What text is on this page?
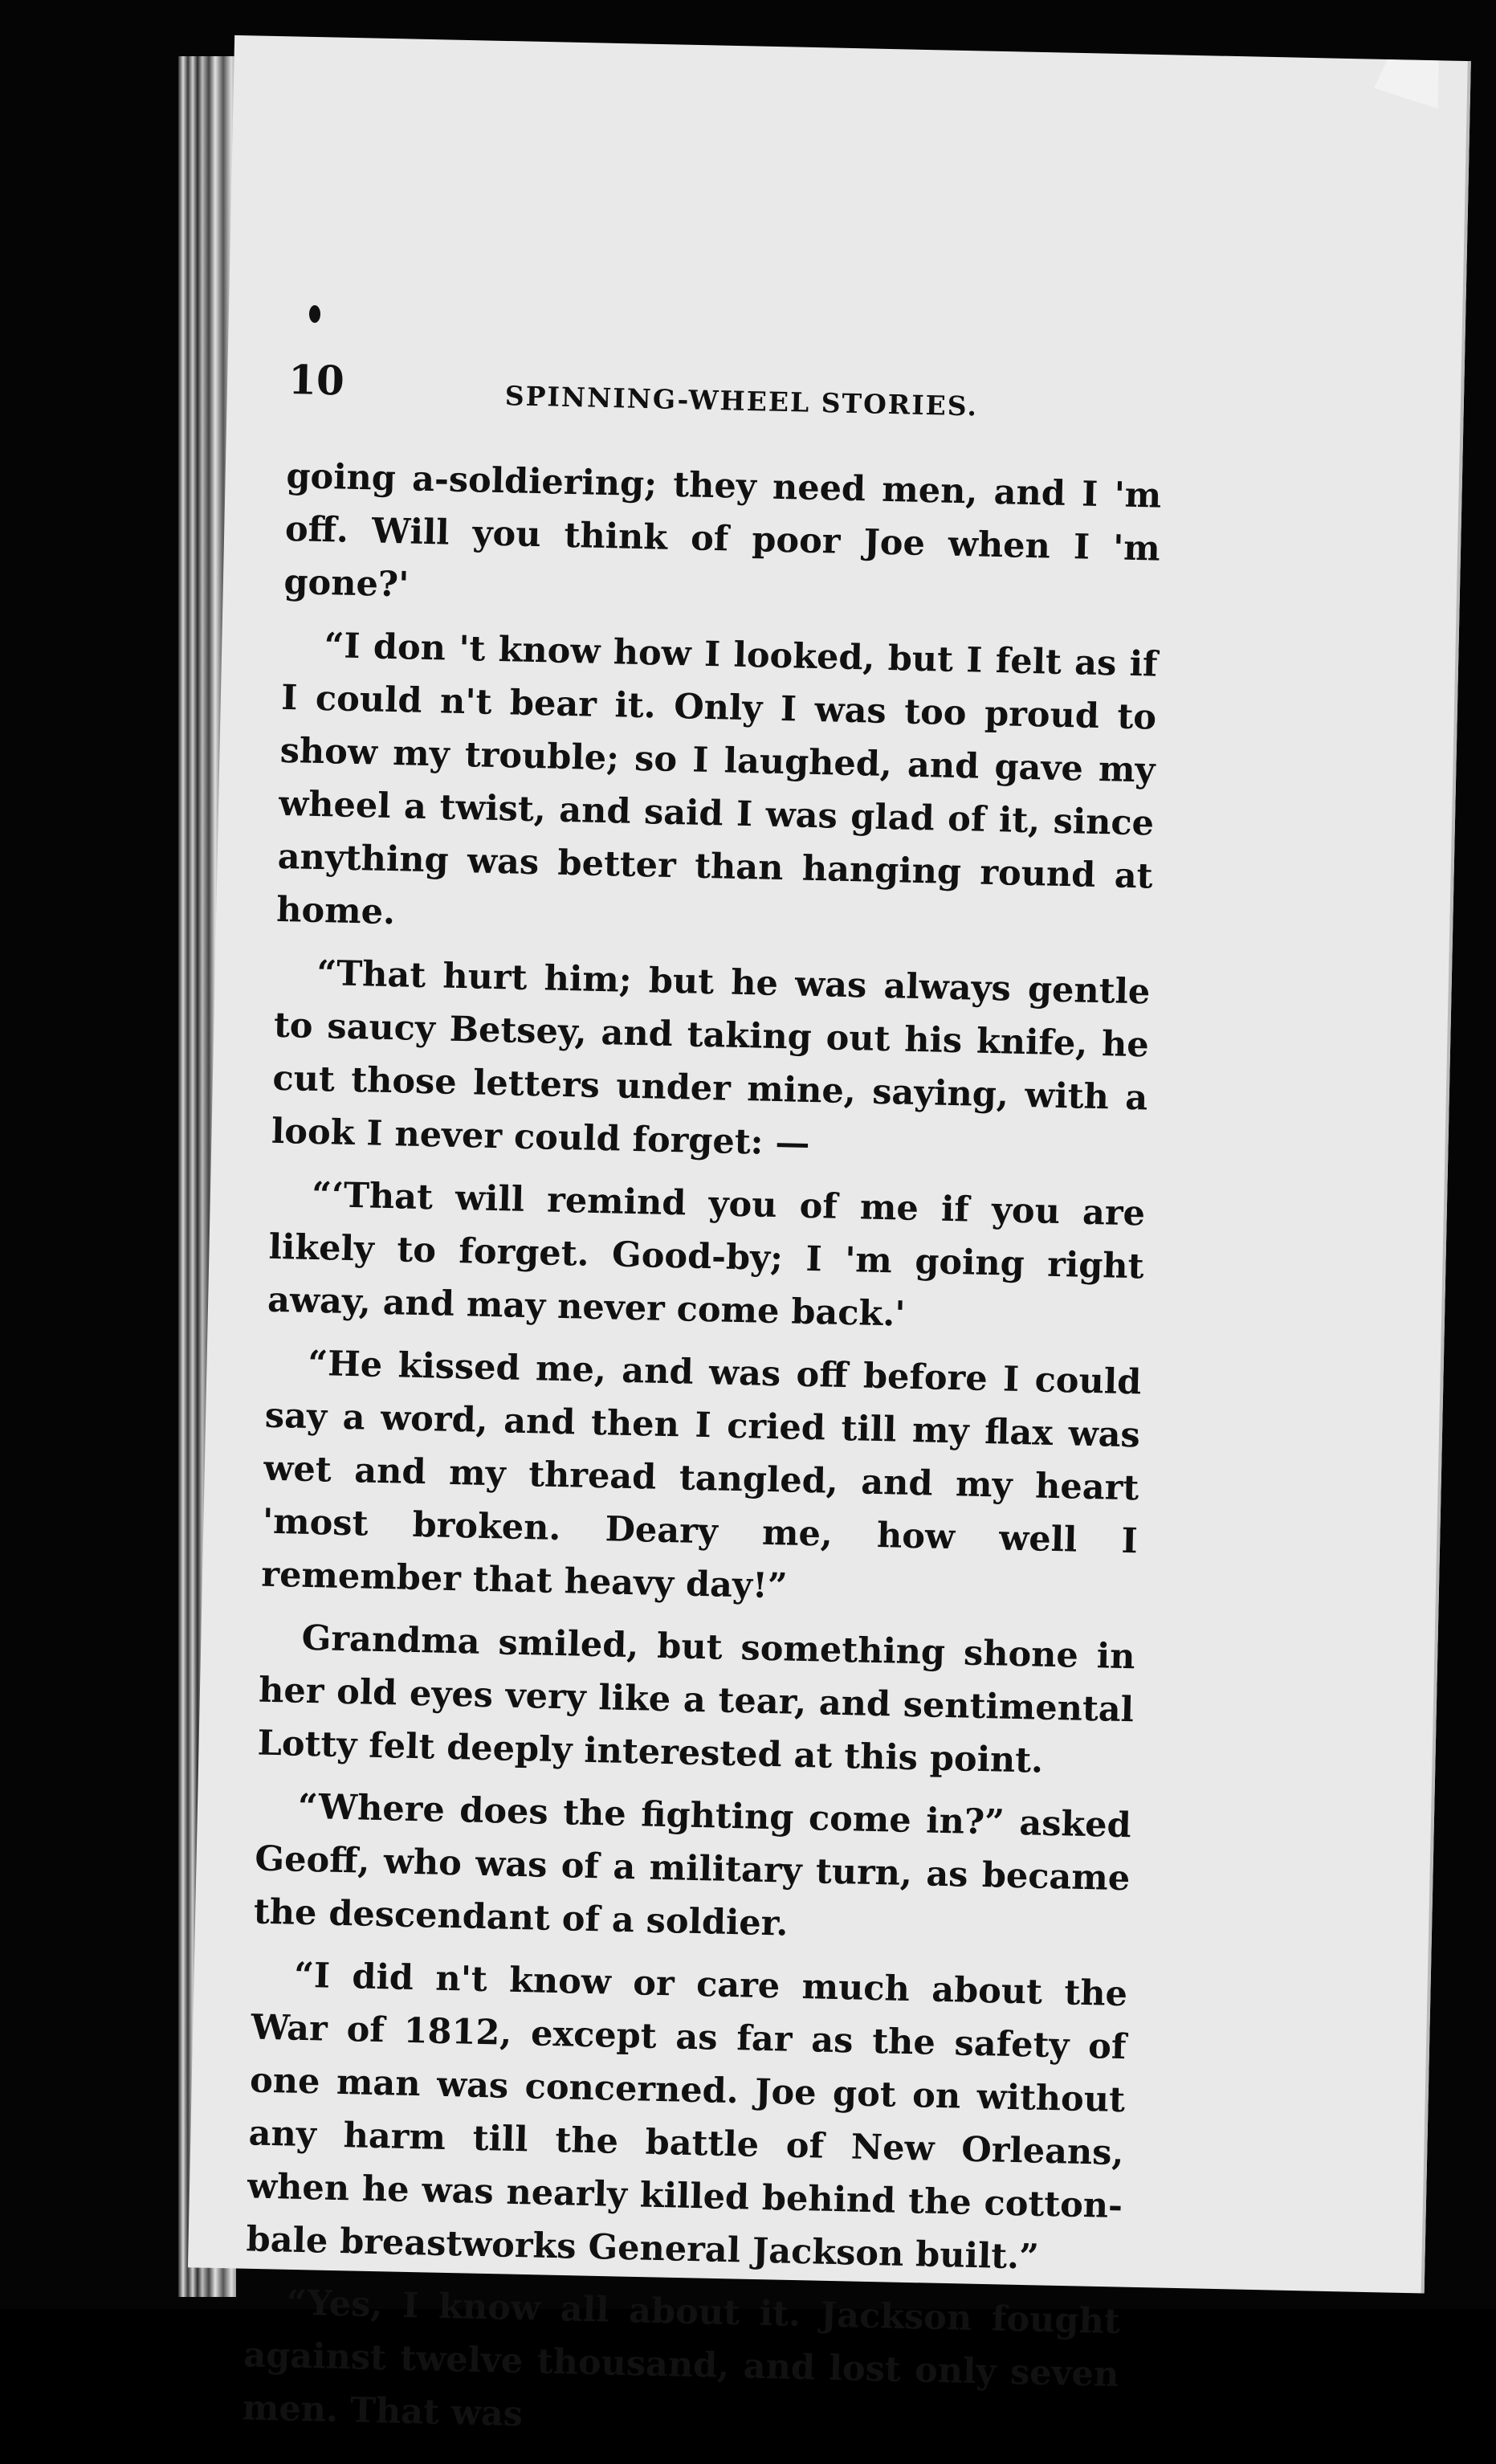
10	SPINNING-WHEEL STORIES.

going a-soldiering; they need men, and I 'm off. Will you think of poor Joe when I 'm gone?'

“I don 't know how I looked, but I felt as if I could n't bear it. Only I was too proud to show my trouble; so I laughed, and gave my wheel a twist, and said I was glad of it, since anything was better than hanging round at home.

“That hurt him; but he was always gentle to saucy Betsey, and taking out his knife, he cut those letters under mine, saying, with a look I never could forget: —

“‘That will remind you of me if you are likely to forget. Good-by; I 'm going right away, and may never come back.'

“He kissed me, and was off before I could say a word, and then I cried till my flax was wet and my thread tangled, and my heart 'most broken. Deary me, how well I remember that heavy day!”

Grandma smiled, but something shone in her old eyes very like a tear, and sentimental Lotty felt deeply interested at this point.

“Where does the fighting come in?” asked Geoff, who was of a military turn, as became the descendant of a soldier.

“I did n't know or care much about the War of 1812, except as far as the safety of one man was concerned. Joe got on without any harm till the battle of New Orleans, when he was nearly killed behind the cotton-bale breastworks General Jackson built.”

“Yes, I know all about it. Jackson fought against twelve thousand, and lost only seven men. That was
